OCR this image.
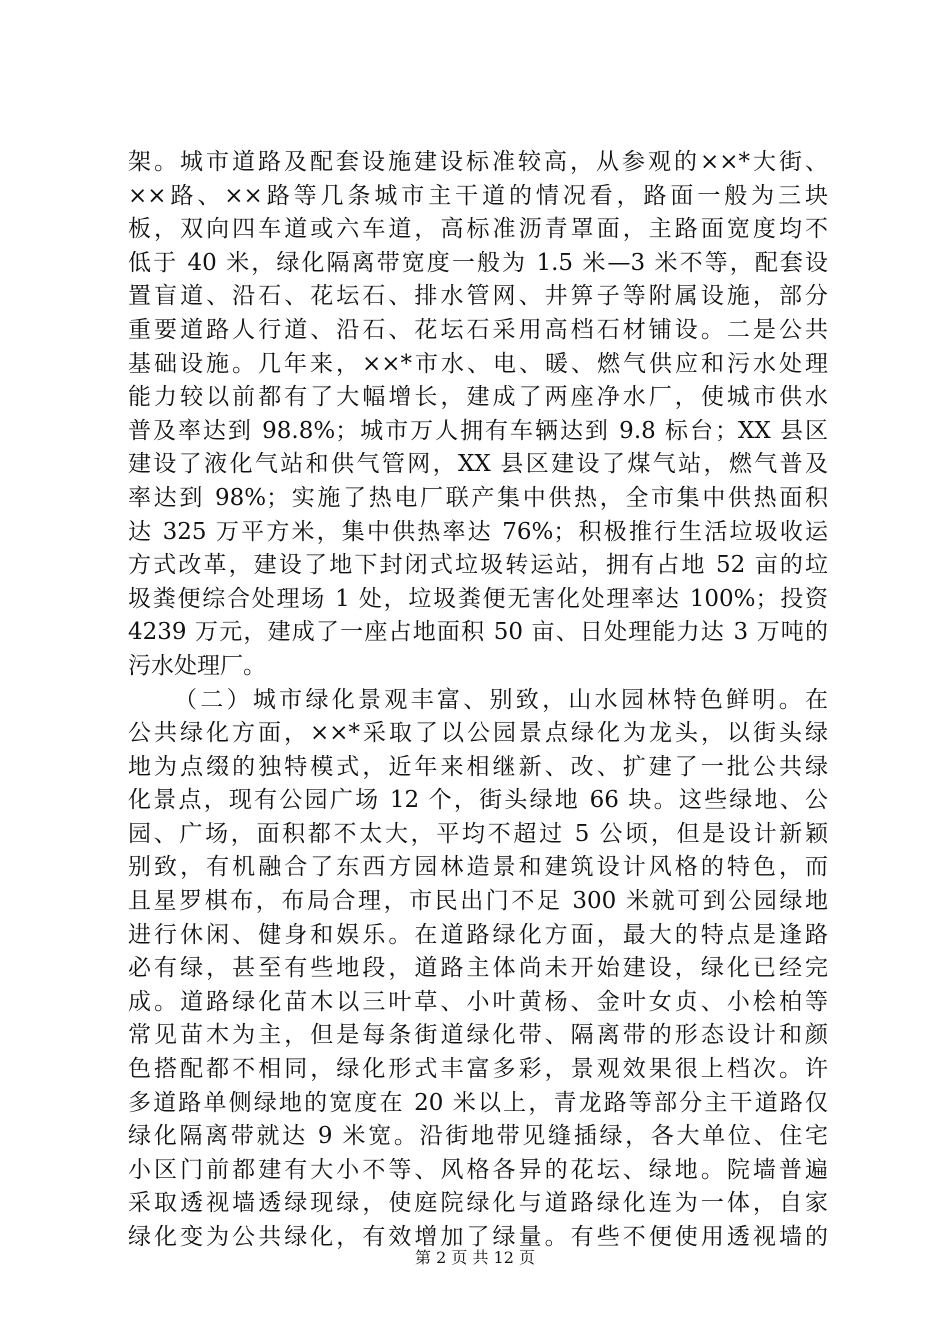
架。城市道路及配套设施建设标准较高，从参观的××*大街、
××路、××路等几条城市主干道的情况看，路面一般为三块
板，双向四车道或六车道，高标准沥青罩面，主路面宽度均不
低于 40 米，绿化隔离带宽度一般为 1.5 米—3 米不等，配套设
置盲道、沿石、花坛石、排水管网、井箅子等附属设施，部分
重要道路人行道、沿石、花坛石采用高档石材铺设。二是公共
基础设施。几年来，××*市水、电、暖、燃气供应和污水处理
能力较以前都有了大幅增长，建成了两座净水厂，使城市供水
普及率达到 98.8%；城市万人拥有车辆达到 9.8 标台；XX 县区
建设了液化气站和供气管网，XX 县区建设了煤气站，燃气普及
率达到 98%；实施了热电厂联产集中供热，全市集中供热面积
达 325 万平方米，集中供热率达 76%；积极推行生活垃圾收运
方式改革，建设了地下封闭式垃圾转运站，拥有占地 52 亩的垃
圾粪便综合处理场 1 处，垃圾粪便无害化处理率达 100%；投资
4239 万元，建成了一座占地面积 50 亩、日处理能力达 3 万吨的
污水处理厂。
（二）城市绿化景观丰富、别致，山水园林特色鲜明。在
公共绿化方面，××*采取了以公园景点绿化为龙头，以街头绿
地为点缀的独特模式，近年来相继新、改、扩建了一批公共绿
化景点，现有公园广场 12 个，街头绿地 66 块。这些绿地、公
园、广场，面积都不太大，平均不超过 5 公顷，但是设计新颖
别致，有机融合了东西方园林造景和建筑设计风格的特色，而
且星罗棋布，布局合理，市民出门不足 300 米就可到公园绿地
进行休闲、健身和娱乐。在道路绿化方面，最大的特点是逢路
必有绿，甚至有些地段，道路主体尚未开始建设，绿化已经完
成。道路绿化苗木以三叶草、小叶黄杨、金叶女贞、小桧柏等
常见苗木为主，但是每条街道绿化带、隔离带的形态设计和颜
色搭配都不相同，绿化形式丰富多彩，景观效果很上档次。许
多道路单侧绿地的宽度在 20 米以上，青龙路等部分主干道路仅
绿化隔离带就达 9 米宽。沿街地带见缝插绿，各大单位、住宅
小区门前都建有大小不等、风格各异的花坛、绿地。院墙普遍
采取透视墙透绿现绿，使庭院绿化与道路绿化连为一体，自家
绿化变为公共绿化，有效增加了绿量。有些不便使用透视墙的
第 2 页 共 12 页
